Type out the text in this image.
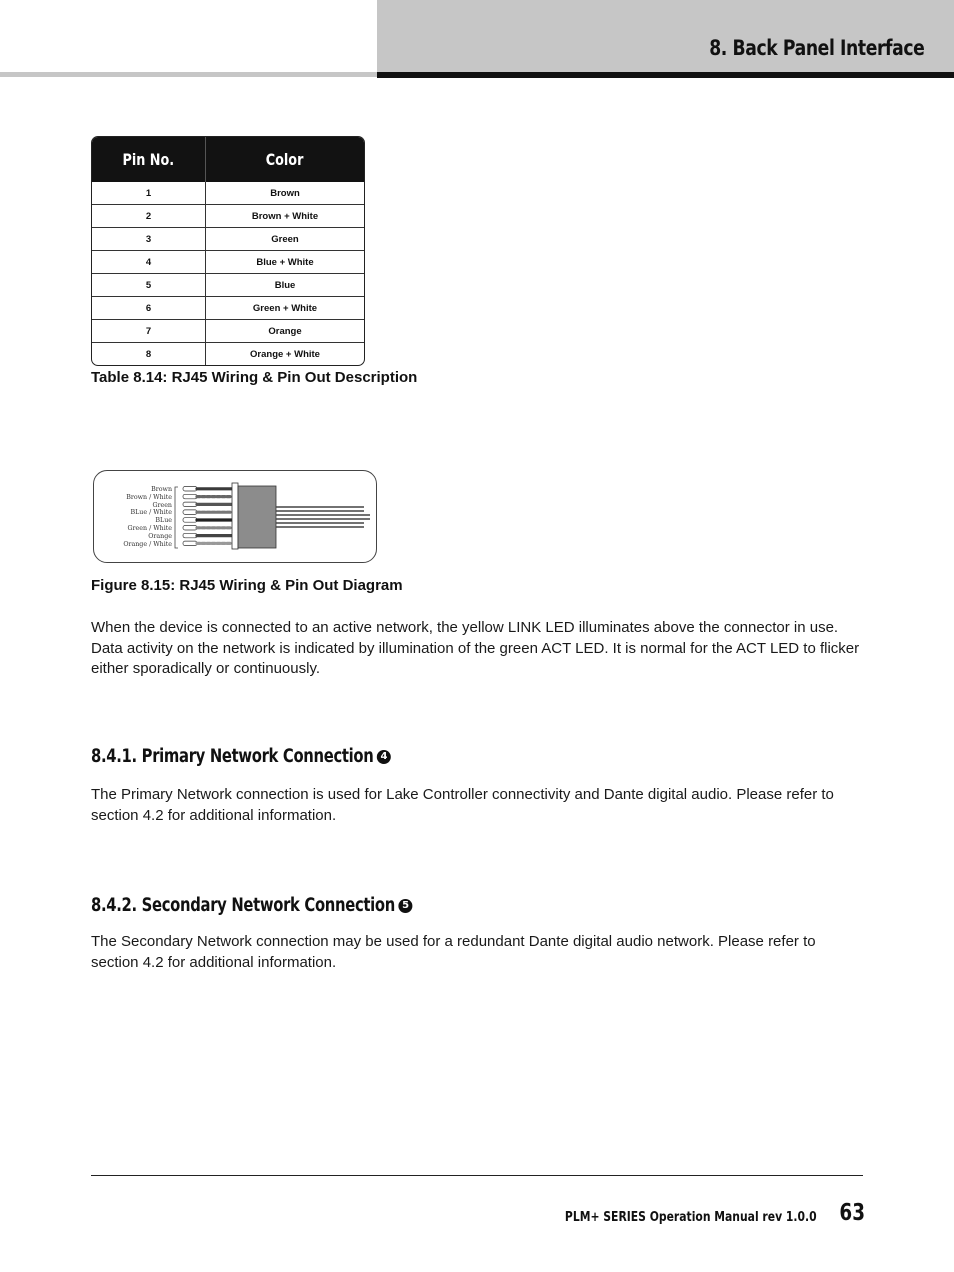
8. Back Panel Interface
Pin No.	Color
1	Brown
2	Brown + White
3	Green
4	Blue + White
5	Blue
6	Green + White
7	Orange
8	Orange + White

Table 8.14: RJ45 Wiring & Pin Out Description

Brown
Brown / White
Green
BLue / White
BLue
Green / White
Orange
Orange / White

Figure 8.15: RJ45 Wiring & Pin Out Diagram

When the device is connected to an active network, the yellow LINK LED illuminates above the connector in use. Data activity on the network is indicated by illumination of the green ACT LED. It is normal for the ACT LED to flicker either sporadically or continuously.

8.4.1. Primary Network Connection 4

The Primary Network connection is used for Lake Controller connectivity and Dante digital audio. Please refer to section 4.2 for additional information.

8.4.2. Secondary Network Connection 5

The Secondary Network connection may be used for a redundant Dante digital audio network. Please refer to section 4.2 for additional information.

PLM+ SERIES Operation Manual rev 1.0.0 63
